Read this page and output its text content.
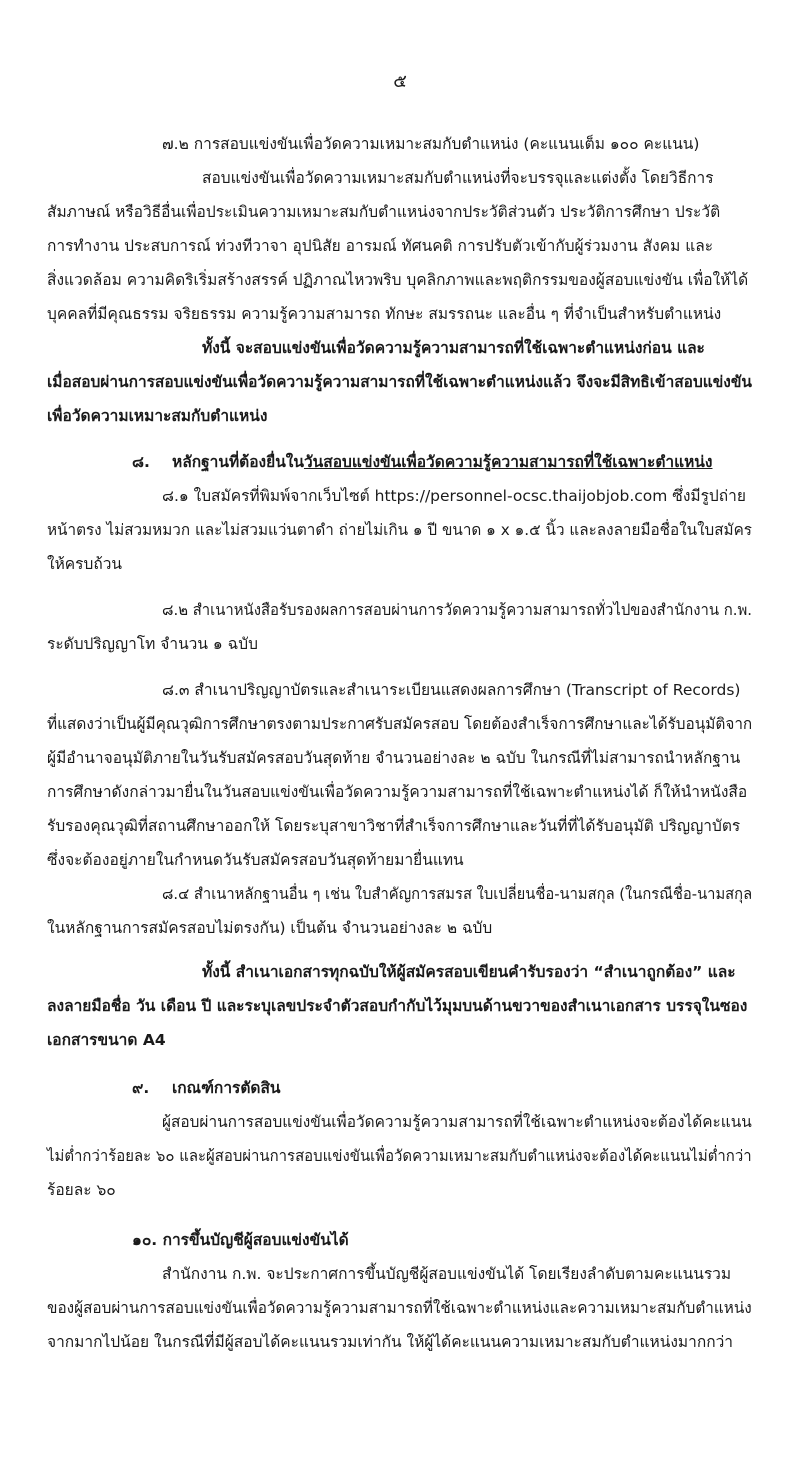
๕
๗.๒ การสอบแข่งขันเพื่อวัดความเหมาะสมกับตำแหน่ง (คะแนนเต็ม ๑๐๐ คะแนน)
สอบแข่งขันเพื่อวัดความเหมาะสมกับตำแหน่งที่จะบรรจุและแต่งตั้ง โดยวิธีการ
สัมภาษณ์ หรือวิธีอื่นเพื่อประเมินความเหมาะสมกับตำแหน่งจากประวัติส่วนตัว ประวัติการศึกษา ประวัติ
การทำงาน ประสบการณ์ ท่วงทีวาจา อุปนิสัย อารมณ์ ทัศนคติ การปรับตัวเข้ากับผู้ร่วมงาน สังคม และ
สิ่งแวดล้อม ความคิดริเริ่มสร้างสรรค์ ปฏิภาณไหวพริบ บุคลิกภาพและพฤติกรรมของผู้สอบแข่งขัน เพื่อให้ได้
บุคคลที่มีคุณธรรม จริยธรรม ความรู้ความสามารถ ทักษะ สมรรถนะ และอื่น ๆ ที่จำเป็นสำหรับตำแหน่ง
ทั้งนี้ จะสอบแข่งขันเพื่อวัดความรู้ความสามารถที่ใช้เฉพาะตำแหน่งก่อน และ
เมื่อสอบผ่านการสอบแข่งขันเพื่อวัดความรู้ความสามารถที่ใช้เฉพาะตำแหน่งแล้ว จึงจะมีสิทธิเข้าสอบแข่งขัน
เพื่อวัดความเหมาะสมกับตำแหน่ง
๘. หลักฐานที่ต้องยื่นในวันสอบแข่งขันเพื่อวัดความรู้ความสามารถที่ใช้เฉพาะตำแหน่ง
๘.๑ ใบสมัครที่พิมพ์จากเว็บไซต์ https://personnel-ocsc.thaijobjob.com ซึ่งมีรูปถ่าย
หน้าตรง ไม่สวมหมวก และไม่สวมแว่นตาดำ ถ่ายไม่เกิน ๑ ปี ขนาด ๑ x ๑.๕ นิ้ว และลงลายมือชื่อในใบสมัคร
ให้ครบถ้วน
๘.๒ สำเนาหนังสือรับรองผลการสอบผ่านการวัดความรู้ความสามารถทั่วไปของสำนักงาน ก.พ.
ระดับปริญญาโท จำนวน ๑ ฉบับ
๘.๓ สำเนาปริญญาบัตรและสำเนาระเบียนแสดงผลการศึกษา (Transcript of Records)
ที่แสดงว่าเป็นผู้มีคุณวุฒิการศึกษาตรงตามประกาศรับสมัครสอบ โดยต้องสำเร็จการศึกษาและได้รับอนุมัติจาก
ผู้มีอำนาจอนุมัติภายในวันรับสมัครสอบวันสุดท้าย จำนวนอย่างละ ๒ ฉบับ ในกรณีที่ไม่สามารถนำหลักฐาน
การศึกษาดังกล่าวมายื่นในวันสอบแข่งขันเพื่อวัดความรู้ความสามารถที่ใช้เฉพาะตำแหน่งได้ ก็ให้นำหนังสือ
รับรองคุณวุฒิที่สถานศึกษาออกให้ โดยระบุสาขาวิชาที่สำเร็จการศึกษาและวันที่ที่ได้รับอนุมัติ ปริญญาบัตร
ซึ่งจะต้องอยู่ภายในกำหนดวันรับสมัครสอบวันสุดท้ายมายื่นแทน
๘.๔ สำเนาหลักฐานอื่น ๆ เช่น ใบสำคัญการสมรส ใบเปลี่ยนชื่อ-นามสกุล (ในกรณีชื่อ-นามสกุล
ในหลักฐานการสมัครสอบไม่ตรงกัน) เป็นต้น จำนวนอย่างละ ๒ ฉบับ
ทั้งนี้ สำเนาเอกสารทุกฉบับให้ผู้สมัครสอบเขียนคำรับรองว่า “สำเนาถูกต้อง” และ
ลงลายมือชื่อ วัน เดือน ปี และระบุเลขประจำตัวสอบกำกับไว้มุมบนด้านขวาของสำเนาเอกสาร บรรจุในซอง
เอกสารขนาด A4
๙. เกณฑ์การตัดสิน
ผู้สอบผ่านการสอบแข่งขันเพื่อวัดความรู้ความสามารถที่ใช้เฉพาะตำแหน่งจะต้องได้คะแนน
ไม่ต่ำกว่าร้อยละ ๖๐ และผู้สอบผ่านการสอบแข่งขันเพื่อวัดความเหมาะสมกับตำแหน่งจะต้องได้คะแนนไม่ต่ำกว่า
ร้อยละ ๖๐
๑๐. การขึ้นบัญชีผู้สอบแข่งขันได้
สำนักงาน ก.พ. จะประกาศการขึ้นบัญชีผู้สอบแข่งขันได้ โดยเรียงลำดับตามคะแนนรวม
ของผู้สอบผ่านการสอบแข่งขันเพื่อวัดความรู้ความสามารถที่ใช้เฉพาะตำแหน่งและความเหมาะสมกับตำแหน่ง
จากมากไปน้อย ในกรณีที่มีผู้สอบได้คะแนนรวมเท่ากัน ให้ผู้ได้คะแนนความเหมาะสมกับตำแหน่งมากกว่า
